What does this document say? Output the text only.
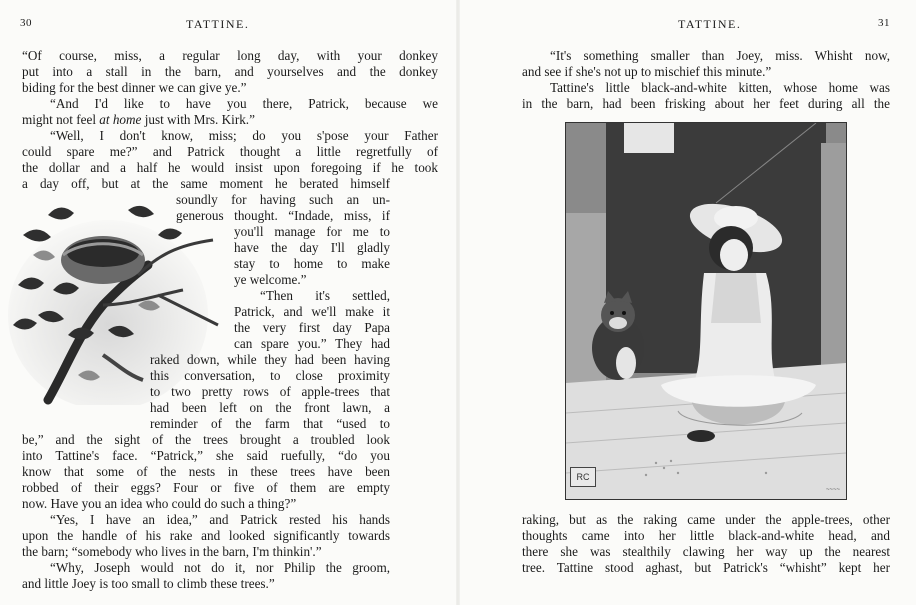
30	TATTINE.
“Of course, miss, a regular long day, with your donkey
put into a stall in the barn, and yourselves and the donkey
biding for the best dinner we can give ye.”
“And I'd like to have you there, Patrick, because we
might not feel at home just with Mrs. Kirk.”
“Well, I don't know, miss; do you s'pose your Father
could spare me?” and Patrick thought a little regretfully of
the dollar and a half he would insist upon foregoing if he took
a day off, but at the same moment he berated himself
soundly for having such an un-
generous thought. “Indade, miss, if
you'll manage for me to
have the day I'll gladly
stay to home to make
ye welcome.”
“Then it's settled,
Patrick, and we'll make it
the very first day Papa
can spare you.” They had
raked down, while they had been having
this conversation, to close proximity
to two pretty rows of apple-trees that
had been left on the front lawn, a
reminder of the farm that “used to
be,” and the sight of the trees brought a troubled look
into Tattine's face. “Patrick,” she said ruefully, “do you
know that some of the nests in these trees have been
robbed of their eggs? Four or five of them are empty
now. Have you an idea who could do such a thing?”
“Yes, I have an idea,” and Patrick rested his hands
upon the handle of his rake and looked significantly towards
the barn; “somebody who lives in the barn, I'm thinkin'.”
“Why, Joseph would not do it, nor Philip the groom,
and little Joey is too small to climb these trees.”
TATTINE.	31
“It's something smaller than Joey, miss. Whisht now,
and see if she's not up to mischief this minute.”
Tattine's little black-and-white kitten, whose home was
in the barn, had been frisking about her feet during all the
raking, but as the raking came under the apple-trees, other
thoughts came into her little black-and-white head, and
there she was stealthily clawing her way up the nearest
tree. Tattine stood aghast, but Patrick's “whisht” kept her
RC
~~~~
